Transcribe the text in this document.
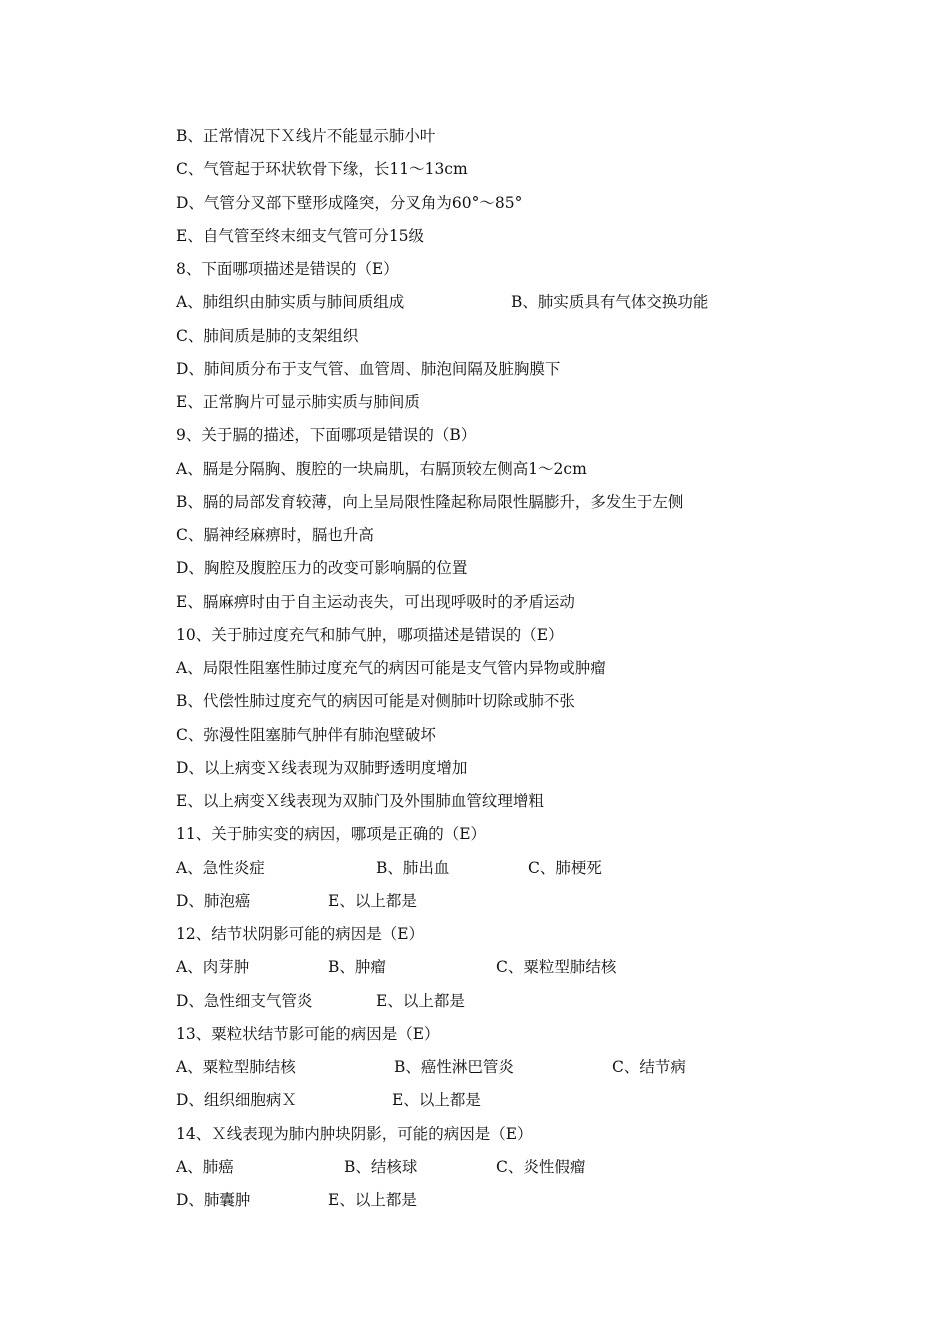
B、正常情况下Ｘ线片不能显示肺小叶
C、气管起于环状软骨下缘，长11～13cm
D、气管分叉部下壁形成隆突，分叉角为60°～85°
E、自气管至终末细支气管可分15级
8、下面哪项描述是错误的（E）
A、肺组织由肺实质与肺间质组成	B、肺实质具有气体交换功能
C、肺间质是肺的支架组织
D、肺间质分布于支气管、血管周、肺泡间隔及脏胸膜下
E、正常胸片可显示肺实质与肺间质
9、关于膈的描述，下面哪项是错误的（B）
A、膈是分隔胸、腹腔的一块扁肌，右膈顶较左侧高1～2cm
B、膈的局部发育较薄，向上呈局限性隆起称局限性膈膨升，多发生于左侧
C、膈神经麻痹时，膈也升高
D、胸腔及腹腔压力的改变可影响膈的位置
E、膈麻痹时由于自主运动丧失，可出现呼吸时的矛盾运动
10、关于肺过度充气和肺气肿，哪项描述是错误的（E）
A、局限性阻塞性肺过度充气的病因可能是支气管内异物或肿瘤
B、代偿性肺过度充气的病因可能是对侧肺叶切除或肺不张
C、弥漫性阻塞肺气肿伴有肺泡壁破坏
D、以上病变Ｘ线表现为双肺野透明度增加
E、以上病变Ｘ线表现为双肺门及外围肺血管纹理增粗
11、关于肺实变的病因，哪项是正确的（E）
A、急性炎症	B、肺出血	C、肺梗死
D、肺泡癌	E、以上都是
12、结节状阴影可能的病因是（E）
A、肉芽肿	B、肿瘤	C、粟粒型肺结核
D、急性细支气管炎	E、以上都是
13、粟粒状结节影可能的病因是（E）
A、粟粒型肺结核	B、癌性淋巴管炎	C、结节病
D、组织细胞病Ｘ	E、以上都是
14、Ｘ线表现为肺内肿块阴影，可能的病因是（E）
A、肺癌	B、结核球	C、炎性假瘤
D、肺囊肿	E、以上都是
